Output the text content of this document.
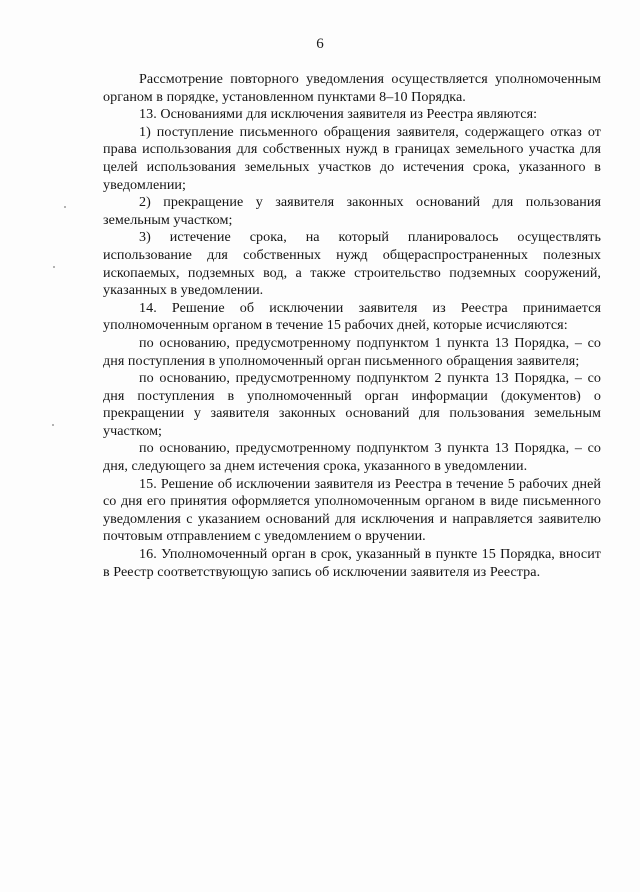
6

Рассмотрение повторного уведомления осуществляется уполномоченным органом в порядке, установленном пунктами 8–10 Порядка.

13. Основаниями для исключения заявителя из Реестра являются:

1) поступление письменного обращения заявителя, содержащего отказ от права использования для собственных нужд в границах земельного участка для целей использования земельных участков до истечения срока, указанного в уведомлении;

2) прекращение у заявителя законных оснований для пользования земельным участком;

3) истечение срока, на который планировалось осуществлять использование для собственных нужд общераспространенных полезных ископаемых, подземных вод, а также строительство подземных сооружений, указанных в уведомлении.

14. Решение об исключении заявителя из Реестра принимается уполномоченным органом в течение 15 рабочих дней, которые исчисляются:

по основанию, предусмотренному подпунктом 1 пункта 13 Порядка, – со дня поступления в уполномоченный орган письменного обращения заявителя;

по основанию, предусмотренному подпунктом 2 пункта 13 Порядка, – со дня поступления в уполномоченный орган информации (документов) о прекращении у заявителя законных оснований для пользования земельным участком;

по основанию, предусмотренному подпунктом 3 пункта 13 Порядка, – со дня, следующего за днем истечения срока, указанного в уведомлении.

15. Решение об исключении заявителя из Реестра в течение 5 рабочих дней со дня его принятия оформляется уполномоченным органом в виде письменного уведомления с указанием оснований для исключения и направляется заявителю почтовым отправлением с уведомлением о вручении.

16. Уполномоченный орган в срок, указанный в пункте 15 Порядка, вносит в Реестр соответствующую запись об исключении заявителя из Реестра.
